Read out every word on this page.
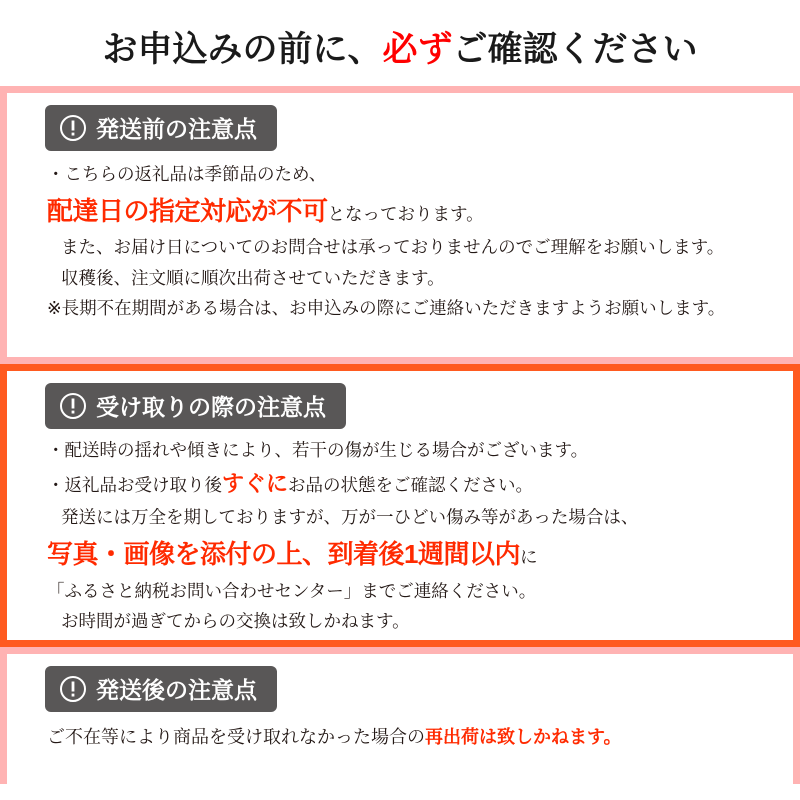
お申込みの前に、必ずご確認ください
発送前の注意点

・こちらの返礼品は季節品のため、

配達日の指定対応が不可となっております。

また、お届け日についてのお問合せは承っておりませんのでご理解をお願いします。

収穫後、注文順に順次出荷させていただきます。

※長期不在期間がある場合は、お申込みの際にご連絡いただきますようお願いします。

受け取りの際の注意点

・配送時の揺れや傾きにより、若干の傷が生じる場合がございます。

・返礼品お受け取り後すぐにお品の状態をご確認ください。

発送には万全を期しておりますが、万が一ひどい傷み等があった場合は、

写真・画像を添付の上、到着後1週間以内に

「ふるさと納税お問い合わせセンター」までご連絡ください。

お時間が過ぎてからの交換は致しかねます。

発送後の注意点

ご不在等により商品を受け取れなかった場合の再出荷は致しかねます。
